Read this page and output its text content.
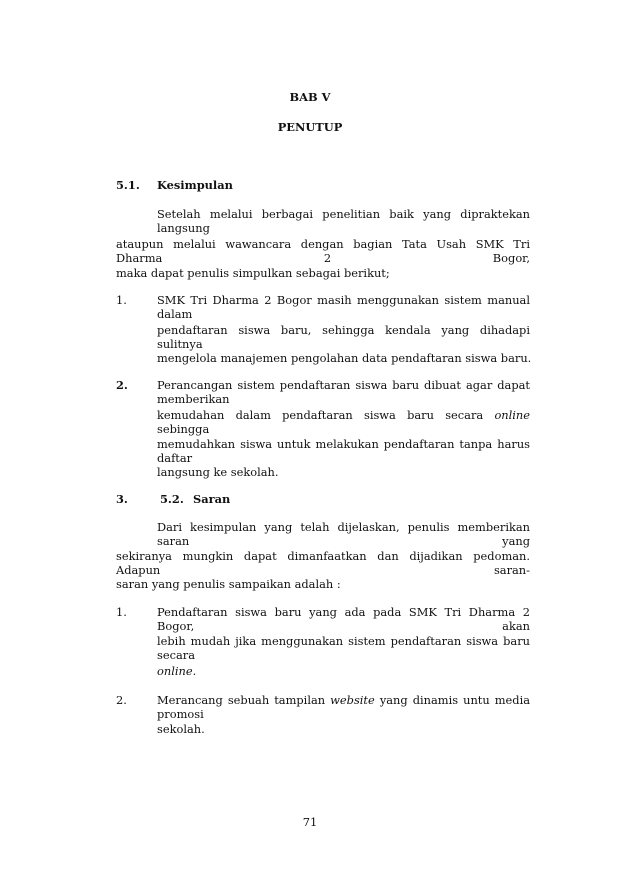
BAB V
PENUTUP
5.1. Kesimpulan
Setelah melalui berbagai penelitian baik yang dipraktekan langsung
ataupun melalui wawancara dengan bagian Tata Usah SMK Tri Dharma 2 Bogor,
maka dapat penulis simpulkan sebagai berikut;
1.	SMK Tri Dharma 2 Bogor masih menggunakan sistem manual dalam
pendaftaran siswa baru, sehingga kendala yang dihadapi sulitnya
mengelola manajemen pengolahan data pendaftaran siswa baru.
2.	Perancangan sistem pendaftaran siswa baru dibuat agar dapat memberikan
kemudahan dalam pendaftaran siswa baru secara online sebingga
memudahkan siswa untuk melakukan pendaftaran tanpa harus daftar
langsung ke sekolah.
3.	5.2. Saran
Dari kesimpulan yang telah dijelaskan, penulis memberikan saran yang
sekiranya mungkin dapat dimanfaatkan dan dijadikan pedoman. Adapun saran-
saran yang penulis sampaikan adalah :
1.	Pendaftaran siswa baru yang ada pada SMK Tri Dharma 2 Bogor, akan
lebih mudah jika menggunakan sistem pendaftaran siswa baru secara
online.
2.	Merancang sebuah tampilan website yang dinamis untu media promosi
sekolah.
71
